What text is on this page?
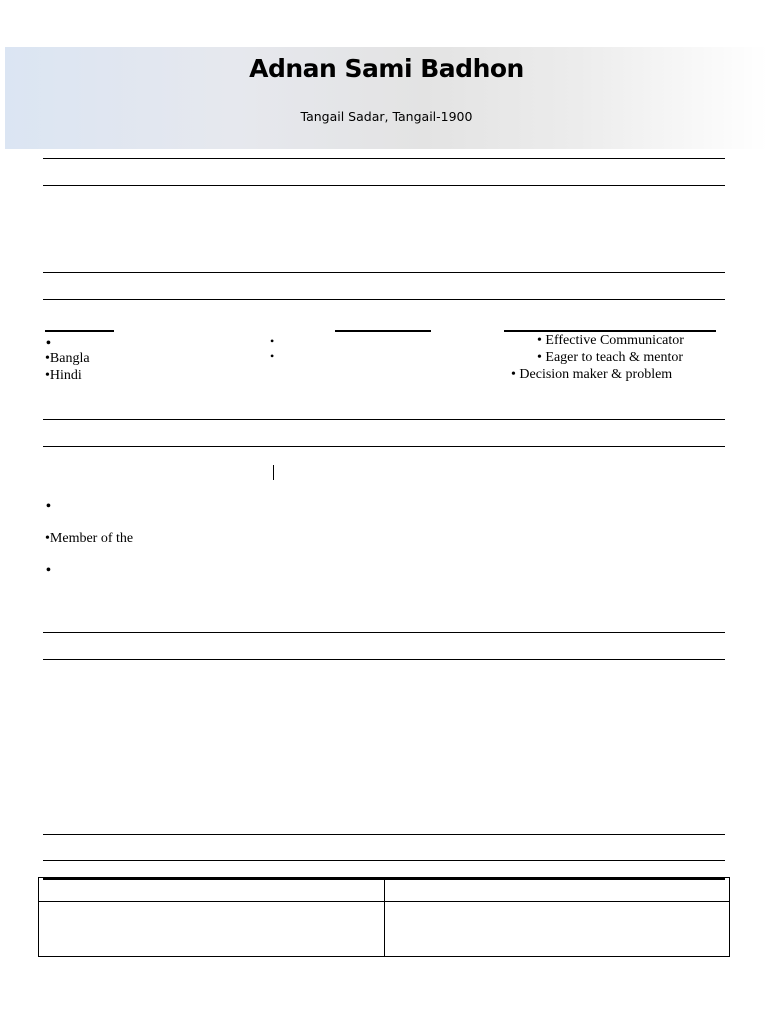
Adnan Sami Badhon
Tangail Sadar, Tangail-1900
•
•Bangla
•Hindi
•
•
• Effective Communicator
• Eager to teach & mentor
• Decision maker & problem
•
•Member of the
•
